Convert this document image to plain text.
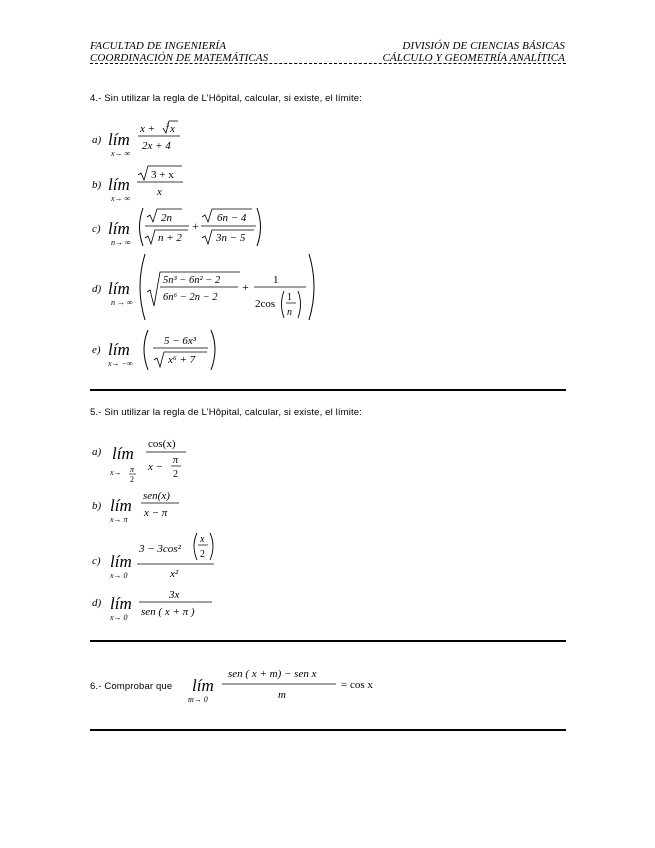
FACULTAD DE INGENIERÍA
COORDINACIÓN DE MATEMÁTICAS
DIVISIÓN DE CIENCIAS BÁSICAS
CÁLCULO Y GEOMETRÍA ANALÍTICA
4.- Sin utilizar la regla de L’Hôpital, calcular, si existe, el límite:
a) lím
x→ ∞
x + 3 x
2x + 4
b) lím
x→ ∞
3 + x
x
c) lím
n→ ∞
2n
n + 2
+
6n − 4
3n − 5
d) lím
n → ∞
5n³ − 6n² − 2
6n⁶ − 2n − 2
+ 1
2cos
1
n
e) lím
x→ −∞
5 − 6x³
x⁶ + 7
5.- Sin utilizar la regla de L’Hôpital, calcular, si existe, el límite:
a) lím
x→ π
2
cos(x)
x −
π
2
b) lím
x→ π
sen(x)
x − π
c) lím
x→ 0
3 − 3cos²
x
2
x²
d) lím
x→ 0
3x
sen ( x + π )
6.- Comprobar que lím
m→ 0
sen ( x + m) − sen x
m
= cos x
